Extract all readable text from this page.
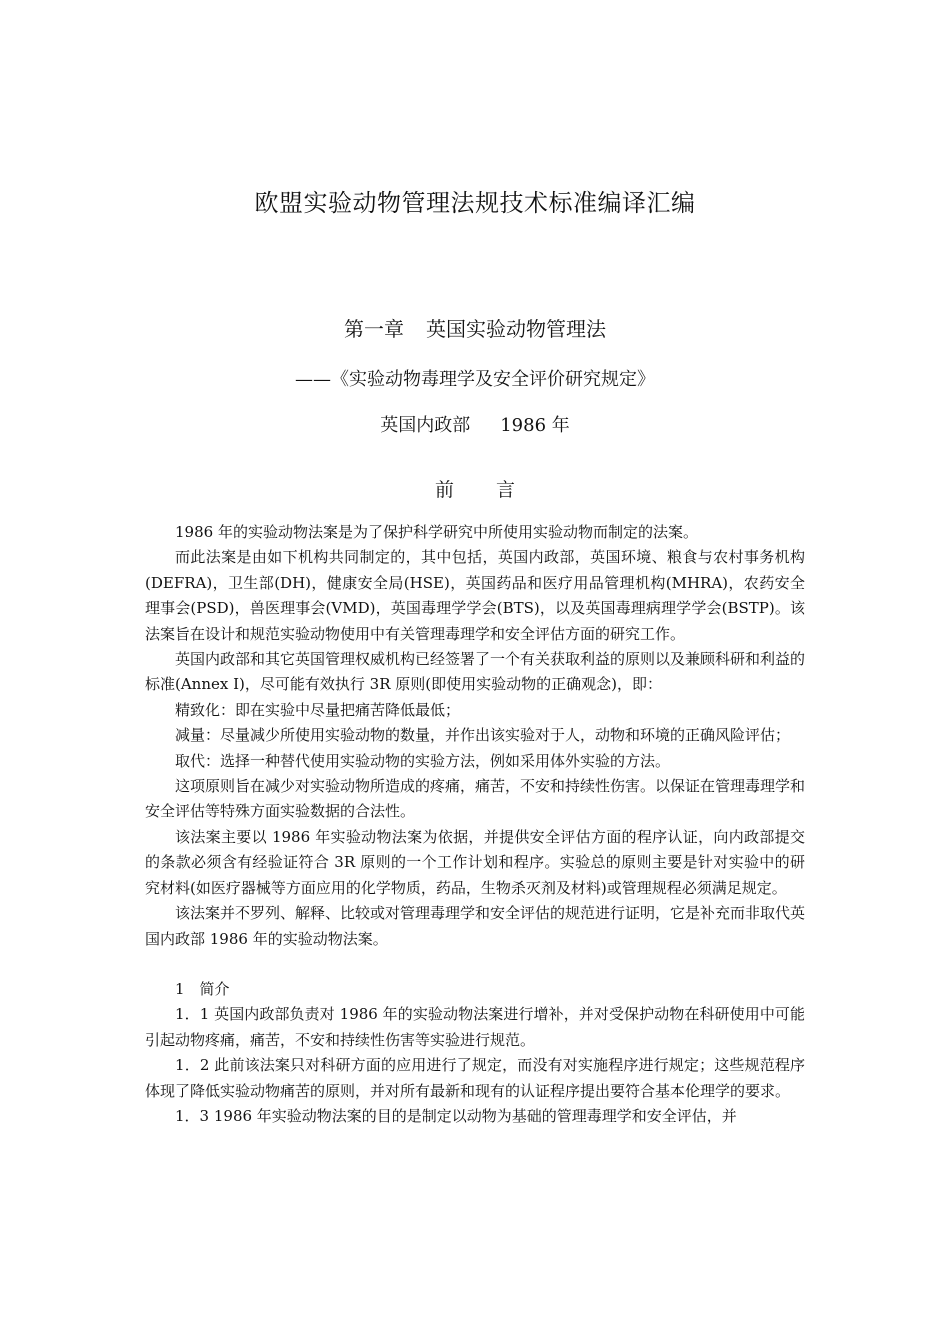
欧盟实验动物管理法规技术标准编译汇编
第一章 英国实验动物管理法
——《实验动物毒理学及安全评价研究规定》
英国内政部 1986 年
前 言

1986 年的实验动物法案是为了保护科学研究中所使用实验动物而制定的法案。

而此法案是由如下机构共同制定的，其中包括，英国内政部，英国环境、粮食与农村事务机构(DEFRA)，卫生部(DH)，健康安全局(HSE)，英国药品和医疗用品管理机构(MHRA)，农药安全理事会(PSD)，兽医理事会(VMD)，英国毒理学学会(BTS)，以及英国毒理病理学学会(BSTP)。该法案旨在设计和规范实验动物使用中有关管理毒理学和安全评估方面的研究工作。

英国内政部和其它英国管理权威机构已经签署了一个有关获取利益的原则以及兼顾科研和利益的标准(Annex I)，尽可能有效执行 3R 原则(即使用实验动物的正确观念)，即：

精致化：即在实验中尽量把痛苦降低最低；

减量：尽量减少所使用实验动物的数量，并作出该实验对于人，动物和环境的正确风险评估；

取代：选择一种替代使用实验动物的实验方法，例如采用体外实验的方法。

这项原则旨在减少对实验动物所造成的疼痛，痛苦，不安和持续性伤害。以保证在管理毒理学和安全评估等特殊方面实验数据的合法性。

该法案主要以 1986 年实验动物法案为依据，并提供安全评估方面的程序认证，向内政部提交的条款必须含有经验证符合 3R 原则的一个工作计划和程序。实验总的原则主要是针对实验中的研究材料(如医疗器械等方面应用的化学物质，药品，生物杀灭剂及材料)或管理规程必须满足规定。

该法案并不罗列、解释、比较或对管理毒理学和安全评估的规范进行证明，它是补充而非取代英国内政部 1986 年的实验动物法案。

1　简介

1．1 英国内政部负责对 1986 年的实验动物法案进行增补，并对受保护动物在科研使用中可能引起动物疼痛，痛苦，不安和持续性伤害等实验进行规范。

1．2 此前该法案只对科研方面的应用进行了规定，而没有对实施程序进行规定；这些规范程序体现了降低实验动物痛苦的原则，并对所有最新和现有的认证程序提出要符合基本伦理学的要求。

1．3 1986 年实验动物法案的目的是制定以动物为基础的管理毒理学和安全评估，并
